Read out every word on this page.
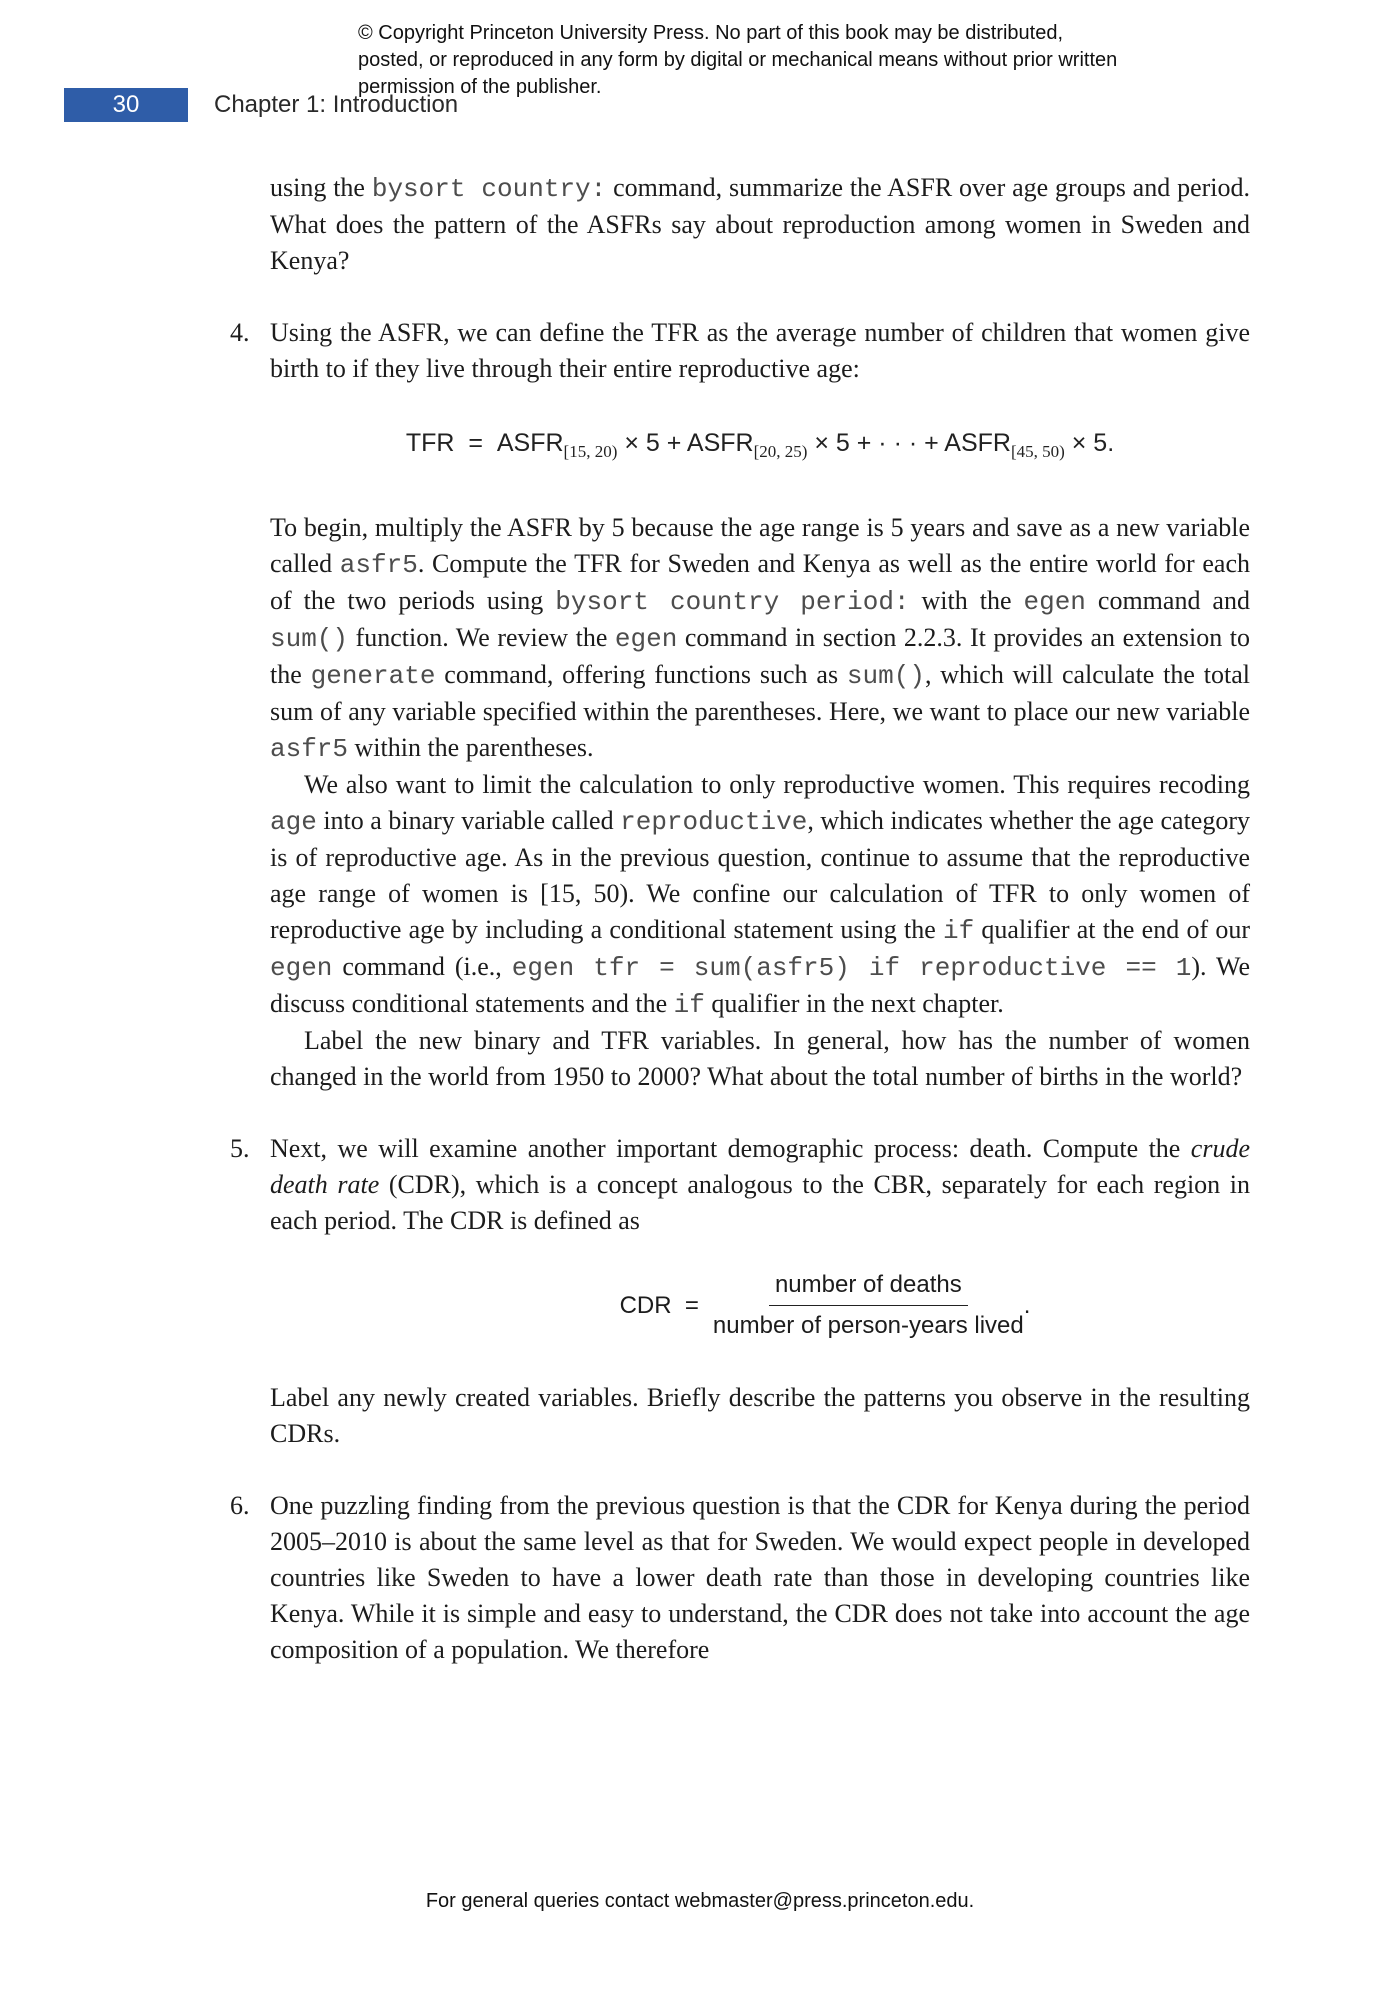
© Copyright Princeton University Press. No part of this book may be distributed, posted, or reproduced in any form by digital or mechanical means without prior written permission of the publisher.
30	Chapter 1: Introduction

using the bysort country: command, summarize the ASFR over age groups and period. What does the pattern of the ASFRs say about reproduction among women in Sweden and Kenya?

4. Using the ASFR, we can define the TFR as the average number of children that women give birth to if they live through their entire reproductive age:

TFR = $ASFR_{[15, 20)} \times 5$ + $ASFR_{[20, 25)} \times 5$ + · · · + $ASFR_{[45, 50)} \times 5$.

To begin, multiply the ASFR by 5 because the age range is 5 years and save as a new variable called asfr5. Compute the TFR for Sweden and Kenya as well as the entire world for each of the two periods using bysort country period: with the egen command and sum() function. We review the egen command in section 2.2.3. It provides an extension to the generate command, offering functions such as sum(), which will calculate the total sum of any variable specified within the parentheses. Here, we want to place our new variable asfr5 within the parentheses.

We also want to limit the calculation to only reproductive women. This requires recoding age into a binary variable called reproductive, which indicates whether the age category is of reproductive age. As in the previous question, continue to assume that the reproductive age range of women is [15, 50). We confine our calculation of TFR to only women of reproductive age by including a conditional statement using the if qualifier at the end of our egen command (i.e., egen tfr = sum(asfr5) if reproductive == 1). We discuss conditional statements and the if qualifier in the next chapter.

Label the new binary and TFR variables. In general, how has the number of women changed in the world from 1950 to 2000? What about the total number of births in the world?

5. Next, we will examine another important demographic process: death. Compute the crude death rate (CDR), which is a concept analogous to the CBR, separately for each region in each period. The CDR is defined as

CDR
= $\frac{\text{number of deaths}}{\text{number of person-years lived}}$ .

Label any newly created variables. Briefly describe the patterns you observe in the resulting CDRs.

6. One puzzling finding from the previous question is that the CDR for Kenya during the period 2005–2010 is about the same level as that for Sweden. We would expect people in developed countries like Sweden to have a lower death rate than those in developing countries like Kenya. While it is simple and easy to understand, the CDR does not take into account the age composition of a population. We therefore

For general queries contact webmaster@press.princeton.edu.
